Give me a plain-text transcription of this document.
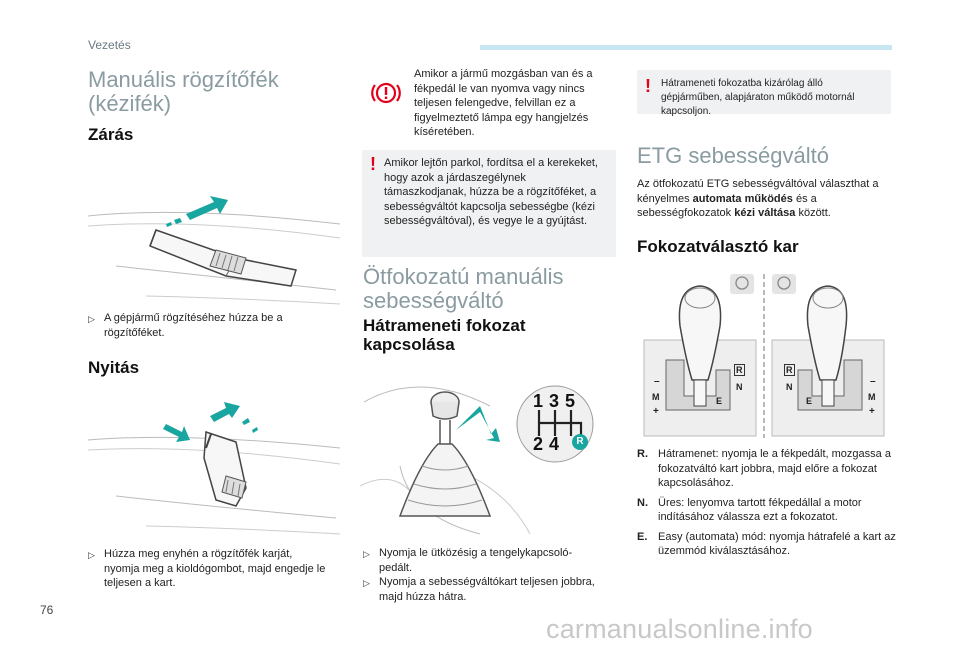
Vezetés
Manuális rögzítőfék
(kézifék)
Zárás
▷ A gépjármű rögzítéséhez húzza be a rögzítőféket.
Nyitás
▷ Húzza meg enyhén a rögzítőfék karját, nyomja meg a kioldógombot, majd engedje le teljesen a kart.
Amikor a jármű mozgásban van és a fékpedál le van nyomva vagy nincs teljesen felengedve, felvillan ez a figyelmeztető lámpa egy hangjelzés kíséretében.
! Amikor lejtőn parkol, fordítsa el a kerekeket, hogy azok a járdaszegélynek támaszkodjanak, húzza be a rögzítőféket, a sebességváltót kapcsolja sebességbe (kézi sebességváltóval), és vegye le a gyújtást.
Ötfokozatú manuális
sebességváltó
Hátrameneti fokozat
kapcsolása
1 3 5
2 4	R
▷ Nyomja le ütközésig a tengelykapcsoló-pedált.
▷ Nyomja a sebességváltókart teljesen jobbra, majd húzza hátra.
! Hátrameneti fokozatba kizárólag álló gépjárműben, alapjáraton működő motornál kapcsoljon.
ETG sebességváltó
Az ötfokozatú ETG sebességváltóval választhat a kényelmes automata működés és a sebességfokozatok kézi váltása között.
Fokozatválasztó kar
R
N
E
–
M
+
R
N
E
–
M
+
R. Hátramenet: nyomja le a fékpedált, mozgassa a fokozatváltó kart jobbra, majd előre a fokozat kapcsolásához.
N. Üres: lenyomva tartott fékpedállal a motor indításához válassza ezt a fokozatot.
E. Easy (automata) mód: nyomja hátrafelé a kart az üzemmód kiválasztásához.
76
carmanualsonline.info
